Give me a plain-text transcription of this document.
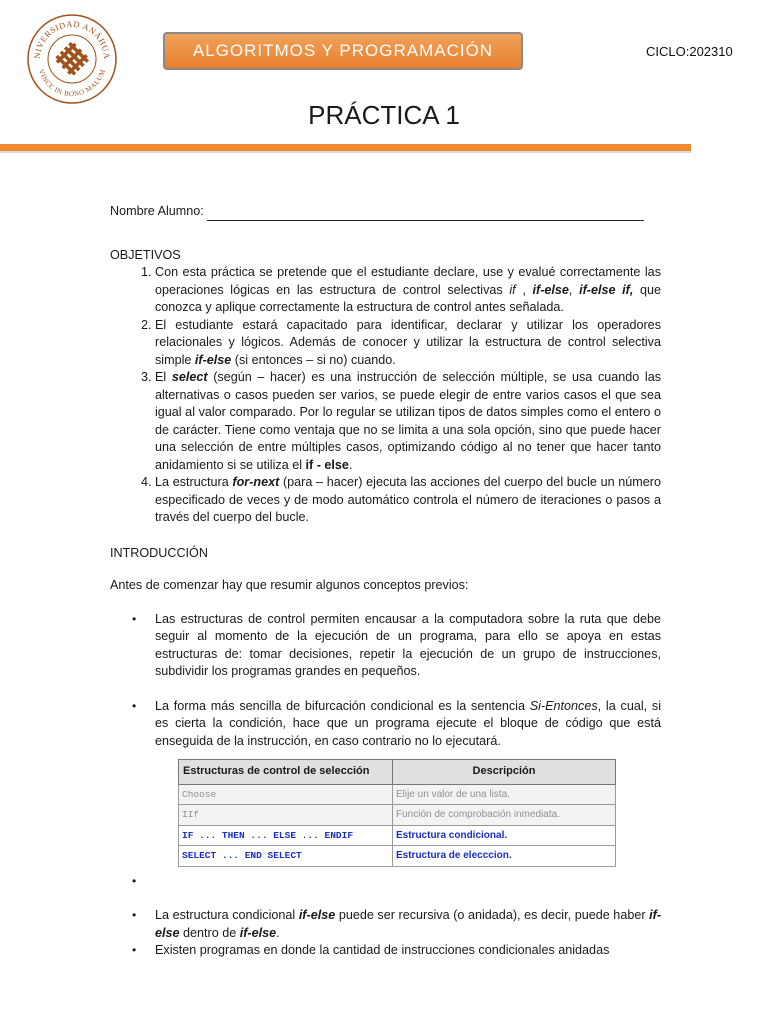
NIVERSIDAD ANÁHUA
VINCE IN BONO MALUM
ALGORITMOS Y PROGRAMACIÓN	CICLO:202310
PRÁCTICA 1
Nombre Alumno:
OBJETIVOS
1. Con esta práctica se pretende que el estudiante declare, use y evalué correctamente las operaciones lógicas en las estructura de control selectivas if , if-else, if-else if, que conozca y aplique correctamente la estructura de control antes señalada.
2. El estudiante estará capacitado para identificar, declarar y utilizar los operadores relacionales y lógicos. Además de conocer y utilizar la estructura de control selectiva simple if-else (si entonces – si no) cuando.
3. El select (según – hacer) es una instrucción de selección múltiple, se usa cuando las alternativas o casos pueden ser varios, se puede elegir de entre varios casos el que sea igual al valor comparado. Por lo regular se utilizan tipos de datos simples como el entero o de carácter. Tiene como ventaja que no se limita a una sola opción, sino que puede hacer una selección de entre múltiples casos, optimizando código al no tener que hacer tanto anidamiento si se utiliza el if - else.
4. La estructura for-next (para – hacer) ejecuta las acciones del cuerpo del bucle un número especificado de veces y de modo automático controla el número de iteraciones o pasos a través del cuerpo del bucle.
INTRODUCCIÓN
Antes de comenzar hay que resumir algunos conceptos previos:
• Las estructuras de control permiten encausar a la computadora sobre la ruta que debe seguir al momento de la ejecución de un programa, para ello se apoya en estas estructuras de: tomar decisiones, repetir la ejecución de un grupo de instrucciones, subdividir los programas grandes en pequeños.
• La forma más sencilla de bifurcación condicional es la sentencia Si-Entonces, la cual, si es cierta la condición, hace que un programa ejecute el bloque de código que está enseguida de la instrucción, en caso contrario no lo ejecutará.
Estructuras de control de selección	Descripción
Choose	Elije un valor de una lista.
IIf	Función de comprobación inmediata.
IF ... THEN ... ELSE ... ENDIF	Estructura condicional.
SELECT ... END SELECT	Estructura de elecccion.
•

• La estructura condicional if-else puede ser recursiva (o anidada), es decir, puede haber if-else dentro de if-else.
• Existen programas en donde la cantidad de instrucciones condicionales anidadas
